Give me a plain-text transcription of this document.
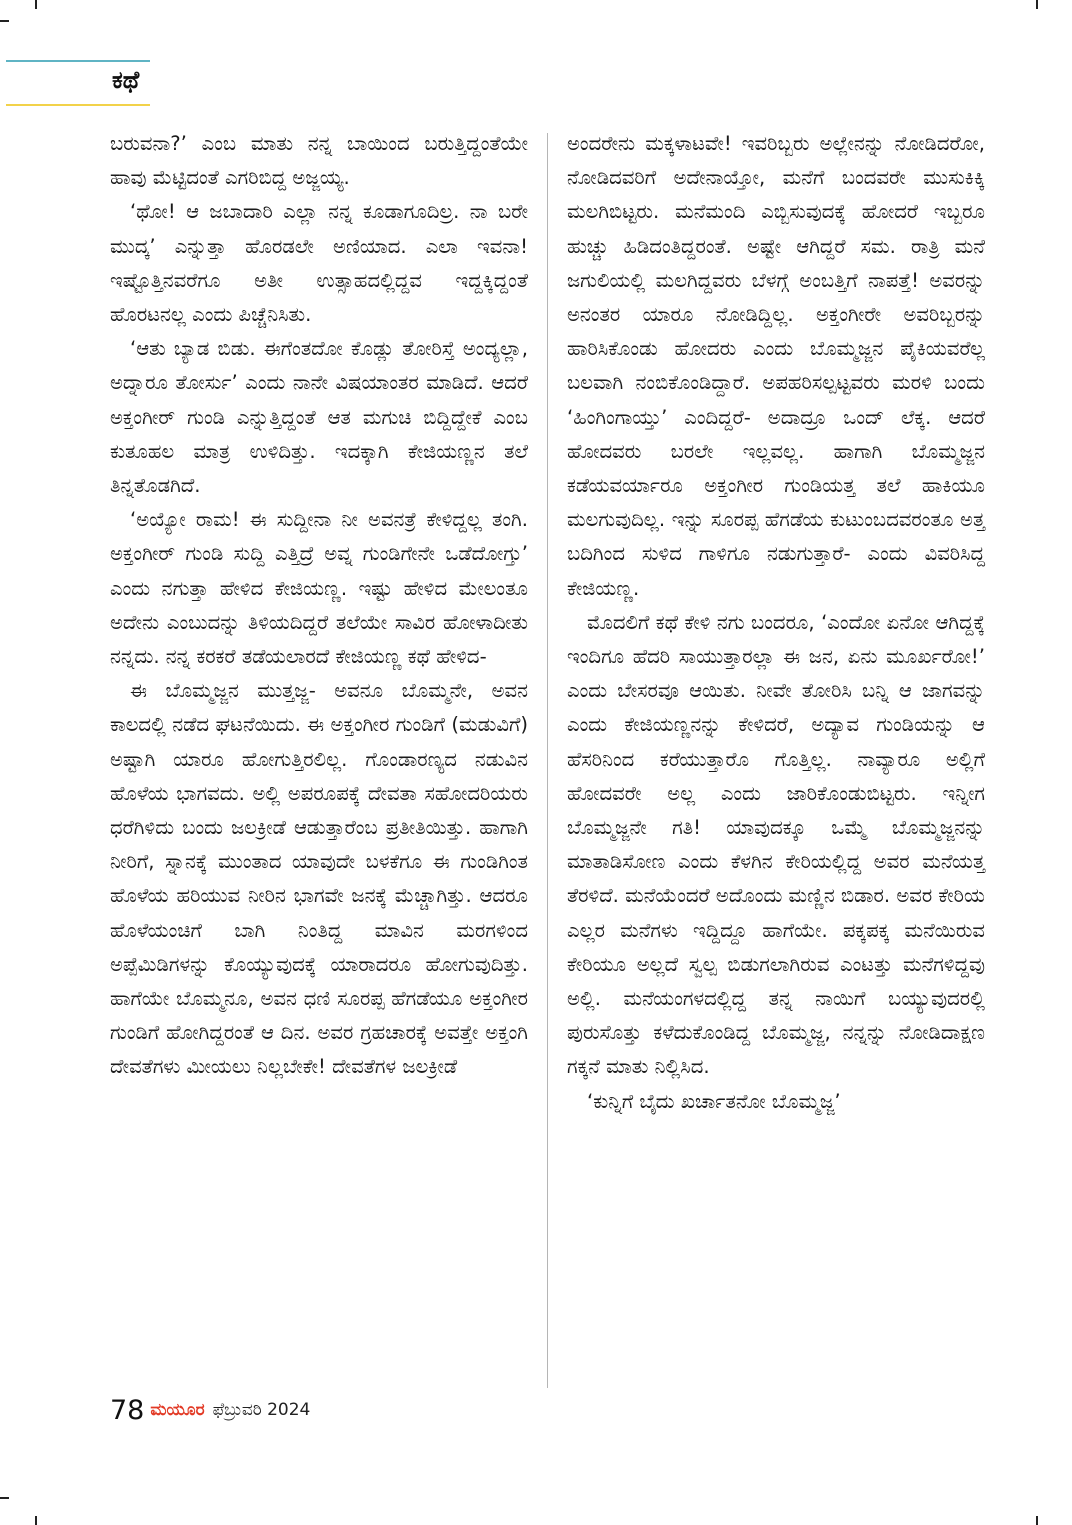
ಕಥೆ

ಬರುವನಾ?’ ಎಂಬ ಮಾತು ನನ್ನ ಬಾಯಿಂದ ಬರುತ್ತಿದ್ದಂತೆಯೇ ಹಾವು ಮೆಟ್ಟಿದಂತೆ ಎಗರಿಬಿದ್ದ ಅಜ್ಜಯ್ಯ.

‘ಥೋ! ಆ ಜಬಾದಾರಿ ಎಲ್ಲಾ ನನ್ನ ಕೂಡಾಗೂದಿಲ್ರ. ನಾ ಬರೇ ಮುದ್ಕ’ ಎನ್ನುತ್ತಾ ಹೊರಡಲೇ ಅಣಿಯಾದ. ಎಲಾ ಇವನಾ! ಇಷ್ಟೊತ್ತಿನವರೆಗೂ ಅತೀ ಉತ್ಸಾಹದಲ್ಲಿದ್ದವ ಇದ್ದಕ್ಕಿದ್ದಂತೆ ಹೊರಟನಲ್ಲ ಎಂದು ಪಿಚ್ಚೆನಿಸಿತು.

‘ಆತು ಬ್ಯಾಡ ಬಿಡು. ಈಗೆಂತದೋ ಕೊಡ್ಲು ತೋರಿಸ್ತೆ ಅಂದ್ಯಲ್ಲಾ, ಅದ್ನಾರೂ ತೋರ್ಸು’ ಎಂದು ನಾನೇ ವಿಷಯಾಂತರ ಮಾಡಿದೆ. ಆದರೆ ಅಕ್ತಂಗೀರ್ ಗುಂಡಿ ಎನ್ನುತ್ತಿದ್ದಂತೆ ಆತ ಮಗುಚಿ ಬಿದ್ದಿದ್ದೇಕೆ ಎಂಬ ಕುತೂಹಲ ಮಾತ್ರ ಉಳಿದಿತ್ತು. ಇದಕ್ಕಾಗಿ ಕೇಜಿಯಣ್ಣನ ತಲೆ ತಿನ್ನತೊಡಗಿದೆ.

‘ಅಯ್ಯೋ ರಾಮ! ಈ ಸುದ್ದೀನಾ ನೀ ಅವನತ್ರೆ ಕೇಳಿದ್ದಲ್ಲ ತಂಗಿ. ಅಕ್ತಂಗೀರ್ ಗುಂಡಿ ಸುದ್ದಿ ಎತ್ತಿದ್ರೆ ಅವ್ನ ಗುಂಡಿಗೇನೇ ಒಡೆದೋಗ್ತು’ ಎಂದು ನಗುತ್ತಾ ಹೇಳಿದ ಕೇಜಿಯಣ್ಣ. ಇಷ್ಟು ಹೇಳಿದ ಮೇಲಂತೂ ಅದೇನು ಎಂಬುದನ್ನು ತಿಳಿಯದಿದ್ದರೆ ತಲೆಯೇ ಸಾವಿರ ಹೋಳಾದೀತು ನನ್ನದು. ನನ್ನ ಕರಕರೆ ತಡೆಯಲಾರದೆ ಕೇಜಿಯಣ್ಣ ಕಥೆ ಹೇಳಿದ-

ಈ ಬೊಮ್ಮಜ್ಜನ ಮುತ್ತಜ್ಜ- ಅವನೂ ಬೊಮ್ಮನೇ, ಅವನ ಕಾಲದಲ್ಲಿ ನಡೆದ ಘಟನೆಯಿದು. ಈ ಅಕ್ತಂಗೀರ ಗುಂಡಿಗೆ (ಮಡುವಿಗೆ) ಅಷ್ಟಾಗಿ ಯಾರೂ ಹೋಗುತ್ತಿರಲಿಲ್ಲ. ಗೊಂಡಾರಣ್ಯದ ನಡುವಿನ ಹೊಳೆಯ ಭಾಗವದು. ಅಲ್ಲಿ ಅಪರೂಪಕ್ಕೆ ದೇವತಾ ಸಹೋದರಿಯರು ಧರೆಗಿಳಿದು ಬಂದು ಜಲಕ್ರೀಡೆ ಆಡುತ್ತಾರೆಂಬ ಪ್ರತೀತಿಯಿತ್ತು. ಹಾಗಾಗಿ ನೀರಿಗೆ, ಸ್ನಾನಕ್ಕೆ ಮುಂತಾದ ಯಾವುದೇ ಬಳಕೆಗೂ ಈ ಗುಂಡಿಗಿಂತ ಹೊಳೆಯ ಹರಿಯುವ ನೀರಿನ ಭಾಗವೇ ಜನಕ್ಕೆ ಮೆಚ್ಚಾಗಿತ್ತು. ಆದರೂ ಹೊಳೆಯಂಚಿಗೆ ಬಾಗಿ ನಿಂತಿದ್ದ ಮಾವಿನ ಮರಗಳಿಂದ ಅಪ್ಪೆಮಿಡಿಗಳನ್ನು ಕೊಯ್ಯುವುದಕ್ಕೆ ಯಾರಾದರೂ ಹೋಗುವುದಿತ್ತು. ಹಾಗೆಯೇ ಬೊಮ್ಮನೂ, ಅವನ ಧಣಿ ಸೂರಪ್ಪ ಹೆಗಡೆಯೂ ಅಕ್ತಂಗೀರ ಗುಂಡಿಗೆ ಹೋಗಿದ್ದರಂತೆ ಆ ದಿನ. ಅವರ ಗ್ರಹಚಾರಕ್ಕೆ ಅವತ್ತೇ ಅಕ್ತಂಗಿ ದೇವತೆಗಳು ಮೀಯಲು ನಿಲ್ಲಬೇಕೇ! ದೇವತೆಗಳ ಜಲಕ್ರೀಡೆ

ಅಂದರೇನು ಮಕ್ಕಳಾಟವೇ! ಇವರಿಬ್ಬರು ಅಲ್ಲೇನನ್ನು ನೋಡಿದರೋ, ನೋಡಿದವರಿಗೆ ಅದೇನಾಯ್ತೋ, ಮನೆಗೆ ಬಂದವರೇ ಮುಸುಕಿಕ್ಕಿ ಮಲಗಿಬಿಟ್ಟರು. ಮನೆಮಂದಿ ಎಬ್ಬಿಸುವುದಕ್ಕೆ ಹೋದರೆ ಇಬ್ಬರೂ ಹುಚ್ಚು ಹಿಡಿದಂತಿದ್ದರಂತೆ. ಅಷ್ಟೇ ಆಗಿದ್ದರೆ ಸಮ. ರಾತ್ರಿ ಮನೆ ಜಗುಲಿಯಲ್ಲಿ ಮಲಗಿದ್ದವರು ಬೆಳಗ್ಗೆ ಅಂಬತ್ತಿಗೆ ನಾಪತ್ತೆ! ಅವರನ್ನು ಅನಂತರ ಯಾರೂ ನೋಡಿದ್ದಿಲ್ಲ. ಅಕ್ತಂಗೀರೇ ಅವರಿಬ್ಬರನ್ನು ಹಾರಿಸಿಕೊಂಡು ಹೋದರು ಎಂದು ಬೊಮ್ಮಜ್ಜನ ಪೈಕಿಯವರೆಲ್ಲ ಬಲವಾಗಿ ನಂಬಿಕೊಂಡಿದ್ದಾರೆ. ಅಪಹರಿಸಲ್ಪಟ್ಟವರು ಮರಳಿ ಬಂದು ‘ಹಿಂಗಿಂಗಾಯ್ತು’ ಎಂದಿದ್ದರೆ- ಅದಾದ್ರೂ ಒಂದ್ ಲೆಕ್ಕ. ಆದರೆ ಹೋದವರು ಬರಲೇ ಇಲ್ಲವಲ್ಲ. ಹಾಗಾಗಿ ಬೊಮ್ಮಜ್ಜನ ಕಡೆಯವರ್ಯಾರೂ ಅಕ್ತಂಗೀರ ಗುಂಡಿಯತ್ತ ತಲೆ ಹಾಕಿಯೂ ಮಲಗುವುದಿಲ್ಲ. ಇನ್ನು ಸೂರಪ್ಪ ಹೆಗಡೆಯ ಕುಟುಂಬದವರಂತೂ ಅತ್ತ ಬದಿಗಿಂದ ಸುಳಿದ ಗಾಳಿಗೂ ನಡುಗುತ್ತಾರೆ- ಎಂದು ವಿವರಿಸಿದ್ದ ಕೇಜಿಯಣ್ಣ.

ಮೊದಲಿಗೆ ಕಥೆ ಕೇಳಿ ನಗು ಬಂದರೂ, ‘ಎಂದೋ ಏನೋ ಆಗಿದ್ದಕ್ಕೆ ಇಂದಿಗೂ ಹೆದರಿ ಸಾಯುತ್ತಾರಲ್ಲಾ ಈ ಜನ, ಏನು ಮೂರ್ಖರೋ!’ ಎಂದು ಬೇಸರವೂ ಆಯಿತು. ನೀವೇ ತೋರಿಸಿ ಬನ್ನಿ ಆ ಜಾಗವನ್ನು ಎಂದು ಕೇಜಿಯಣ್ಣನನ್ನು ಕೇಳಿದರೆ, ಅದ್ಯಾವ ಗುಂಡಿಯನ್ನು ಆ ಹೆಸರಿನಿಂದ ಕರೆಯುತ್ತಾರೊ ಗೊತ್ತಿಲ್ಲ. ನಾವ್ಯಾರೂ ಅಲ್ಲಿಗೆ ಹೋದವರೇ ಅಲ್ಲ ಎಂದು ಜಾರಿಕೊಂಡುಬಿಟ್ಟರು. ಇನ್ನೀಗ ಬೊಮ್ಮಜ್ಜನೇ ಗತಿ! ಯಾವುದಕ್ಕೂ ಒಮ್ಮೆ ಬೊಮ್ಮಜ್ಜನನ್ನು ಮಾತಾಡಿಸೋಣ ಎಂದು ಕೆಳಗಿನ ಕೇರಿಯಲ್ಲಿದ್ದ ಅವರ ಮನೆಯತ್ತ ತೆರಳಿದೆ. ಮನೆಯೆಂದರೆ ಅದೊಂದು ಮಣ್ಣಿನ ಬಿಡಾರ. ಅವರ ಕೇರಿಯ ಎಲ್ಲರ ಮನೆಗಳು ಇದ್ದಿದ್ದೂ ಹಾಗೆಯೇ. ಪಕ್ಕಪಕ್ಕ ಮನೆಯಿರುವ ಕೇರಿಯೂ ಅಲ್ಲದೆ ಸ್ವಲ್ಪ ಬಿಡುಗಲಾಗಿರುವ ಎಂಟತ್ತು ಮನೆಗಳಿದ್ದವು ಅಲ್ಲಿ. ಮನೆಯಂಗಳದಲ್ಲಿದ್ದ ತನ್ನ ನಾಯಿಗೆ ಬಯ್ಯುವುದರಲ್ಲಿ ಪುರುಸೊತ್ತು ಕಳೆದುಕೊಂಡಿದ್ದ ಬೊಮ್ಮಜ್ಜ, ನನ್ನನ್ನು ನೋಡಿದಾಕ್ಷಣ ಗಕ್ಕನೆ ಮಾತು ನಿಲ್ಲಿಸಿದ.

‘ಕುನ್ನಿಗೆ ಬೈದು ಖರ್ಚಾತನೋ ಬೊಮ್ಮಜ್ಜ’

78 ಮಯೂರ ಫೆಬ್ರುವರಿ 2024
